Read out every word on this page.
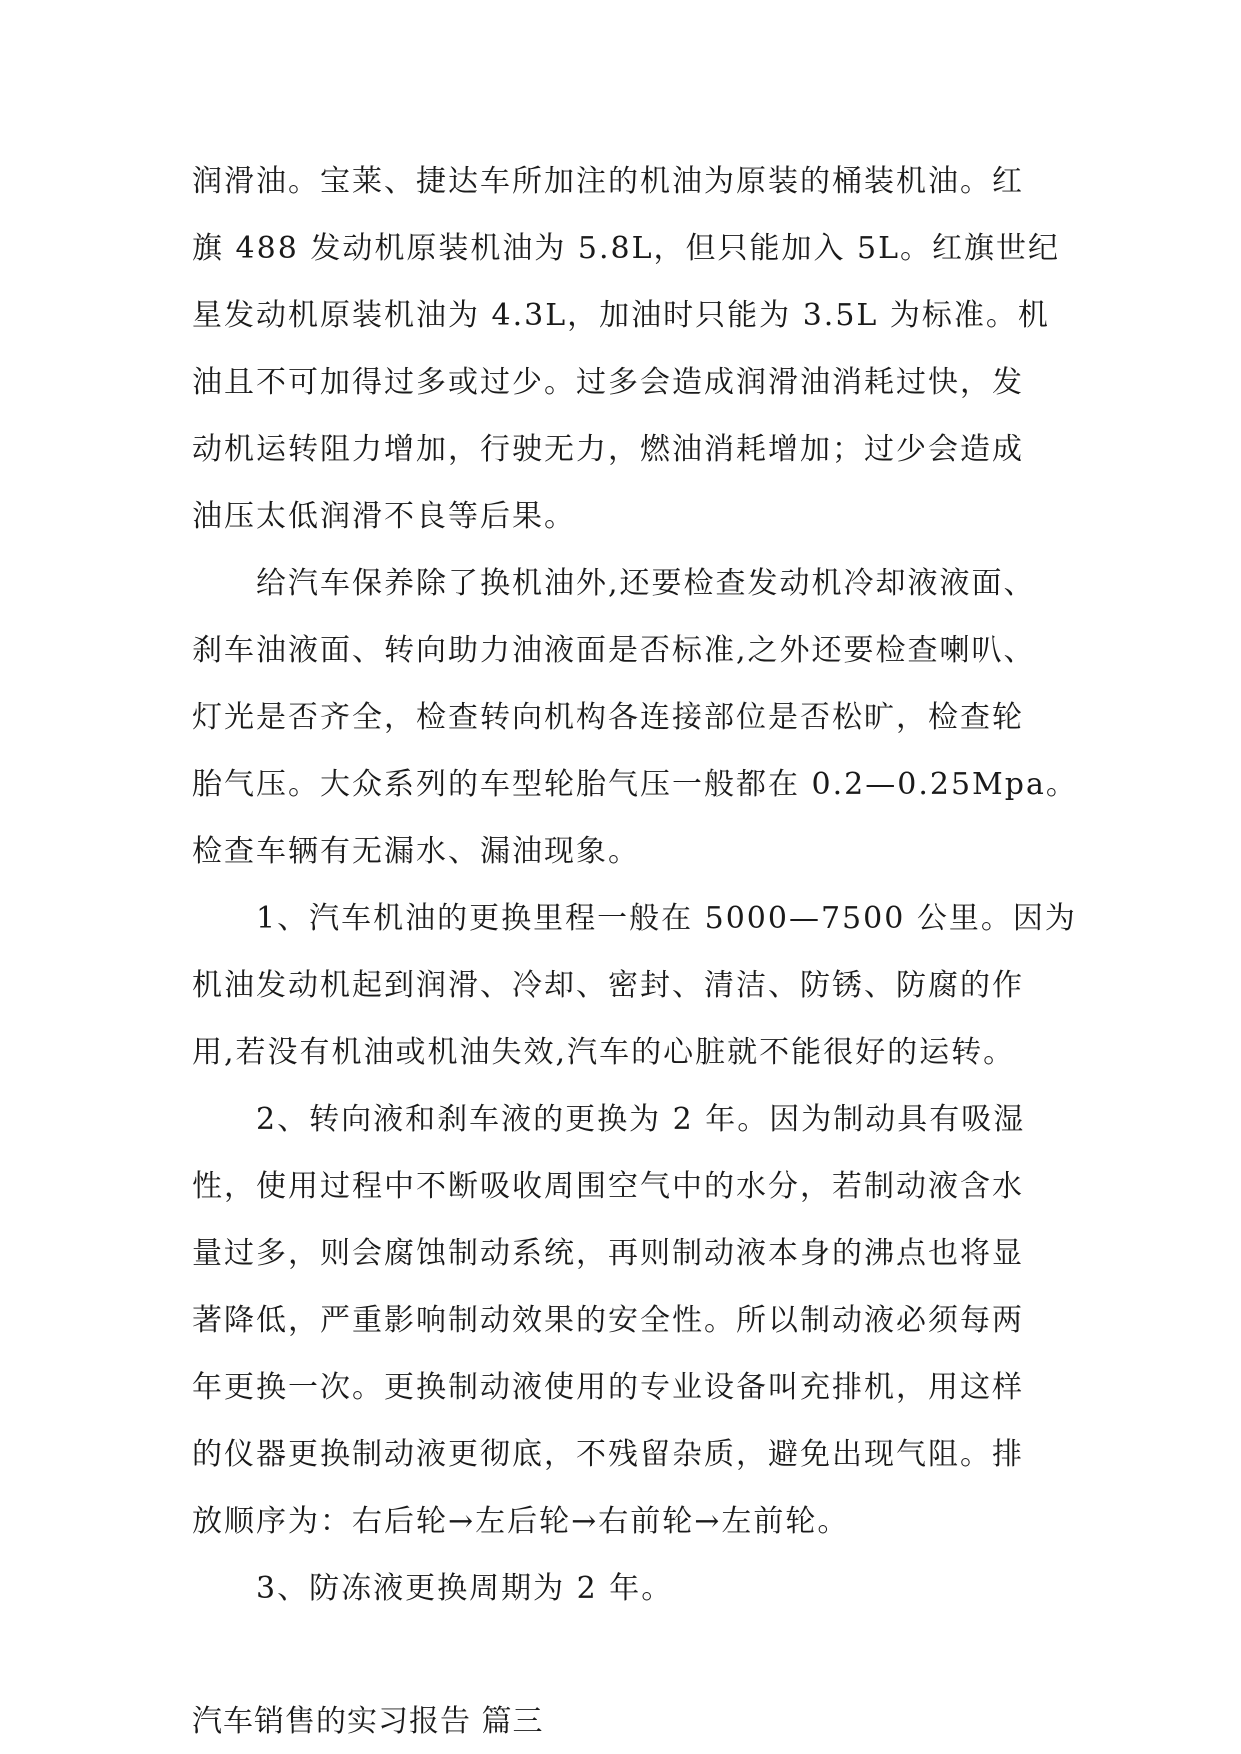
润滑油。宝莱、捷达车所加注的机油为原装的桶装机油。红
旗 488 发动机原装机油为 5.8L，但只能加入 5L。红旗世纪
星发动机原装机油为 4.3L，加油时只能为 3.5L 为标准。机
油且不可加得过多或过少。过多会造成润滑油消耗过快，发
动机运转阻力增加，行驶无力，燃油消耗增加；过少会造成
油压太低润滑不良等后果。
　　给汽车保养除了换机油外,还要检查发动机冷却液液面、
刹车油液面、转向助力油液面是否标准,之外还要检查喇叭、
灯光是否齐全，检查转向机构各连接部位是否松旷，检查轮
胎气压。大众系列的车型轮胎气压一般都在 0.2—0.25Mpa。
检查车辆有无漏水、漏油现象。
　　1、汽车机油的更换里程一般在 5000—7500 公里。因为
机油发动机起到润滑、冷却、密封、清洁、防锈、防腐的作
用,若没有机油或机油失效,汽车的心脏就不能很好的运转。
　　2、转向液和刹车液的更换为 2 年。因为制动具有吸湿
性，使用过程中不断吸收周围空气中的水分，若制动液含水
量过多，则会腐蚀制动系统，再则制动液本身的沸点也将显
著降低，严重影响制动效果的安全性。所以制动液必须每两
年更换一次。更换制动液使用的专业设备叫充排机，用这样
的仪器更换制动液更彻底，不残留杂质，避免出现气阻。排
放顺序为：右后轮→左后轮→右前轮→左前轮。
　　3、防冻液更换周期为 2 年。
汽车销售的实习报告 篇三
